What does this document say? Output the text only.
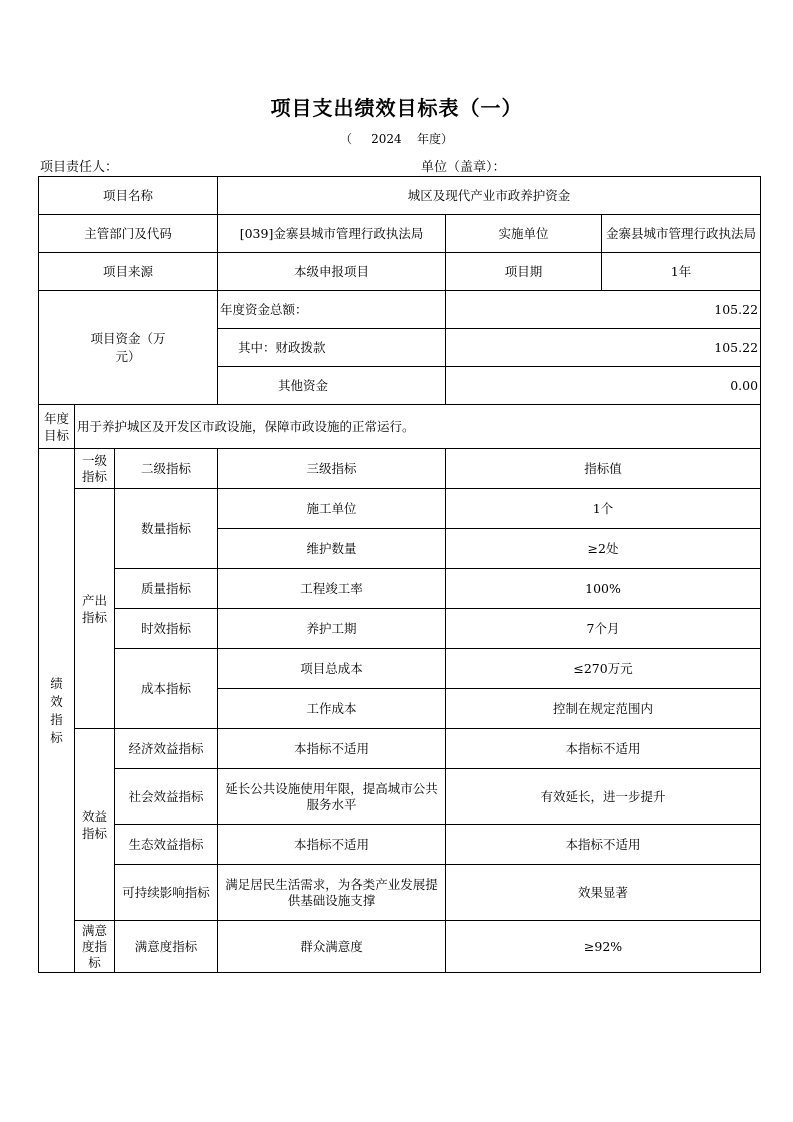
项目支出绩效目标表（一）
（ 2024 年度）
项目责任人：	单位（盖章）：
项目名称			城区及现代产业市政养护资金		
主管部门及代码			[039]金寨县城市管理行政执法局	实施单位	金寨县城市管理行政执法局
项目来源			本级申报项目	项目期	1年

项目资金（万元）			年度资金总额：	105.22	
			其中：财政拨款	105.22	
			其他资金	0.00	

年度目标	用于养护城区及开发区市政设施，保障市政设施的正常运行。				
绩效指标	一级指标	二级指标	三级指标	指标值	

	产出指标	数量指标	施工单位	1个	
			维护数量	≥2处	
		质量指标	工程竣工率	100%	
		时效指标	养护工期	7个月	
		成本指标	项目总成本	≤270万元	
			工作成本	控制在规定范围内	

	效益指标	经济效益指标	本指标不适用	本指标不适用	
		社会效益指标	延长公共设施使用年限，提高城市公共服务水平	有效延长，进一步提升	
		生态效益指标	本指标不适用	本指标不适用	
		可持续影响指标	满足居民生活需求，为各类产业发展提供基础设施支撑	效果显著	

	满意度指标	满意度指标	群众满意度	≥92%	
